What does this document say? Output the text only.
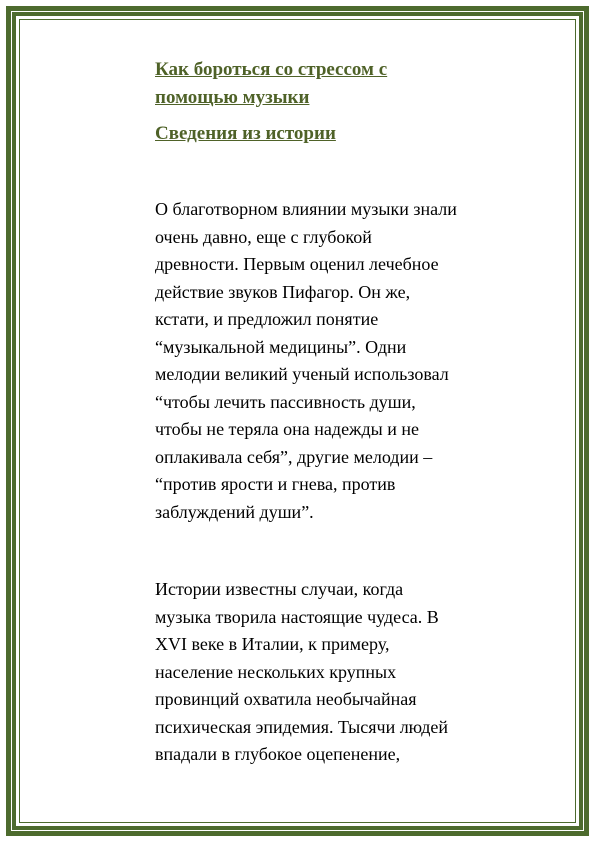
Как бороться со стрессом с
помощью музыки

Сведения из истории

О благотворном влиянии музыки знали
очень давно, еще с глубокой
древности. Первым оценил лечебное
действие звуков Пифагор. Он же,
кстати, и предложил понятие
“музыкальной медицины”. Одни
мелодии великий ученый использовал
“чтобы лечить пассивность души,
чтобы не теряла она надежды и не
оплакивала себя”, другие мелодии –
“против ярости и гнева, против
заблуждений души”.

Истории известны случаи, когда
музыка творила настоящие чудеса. В
XVI веке в Италии, к примеру,
население нескольких крупных
провинций охватила необычайная
психическая эпидемия. Тысячи людей
впадали в глубокое оцепенение,
